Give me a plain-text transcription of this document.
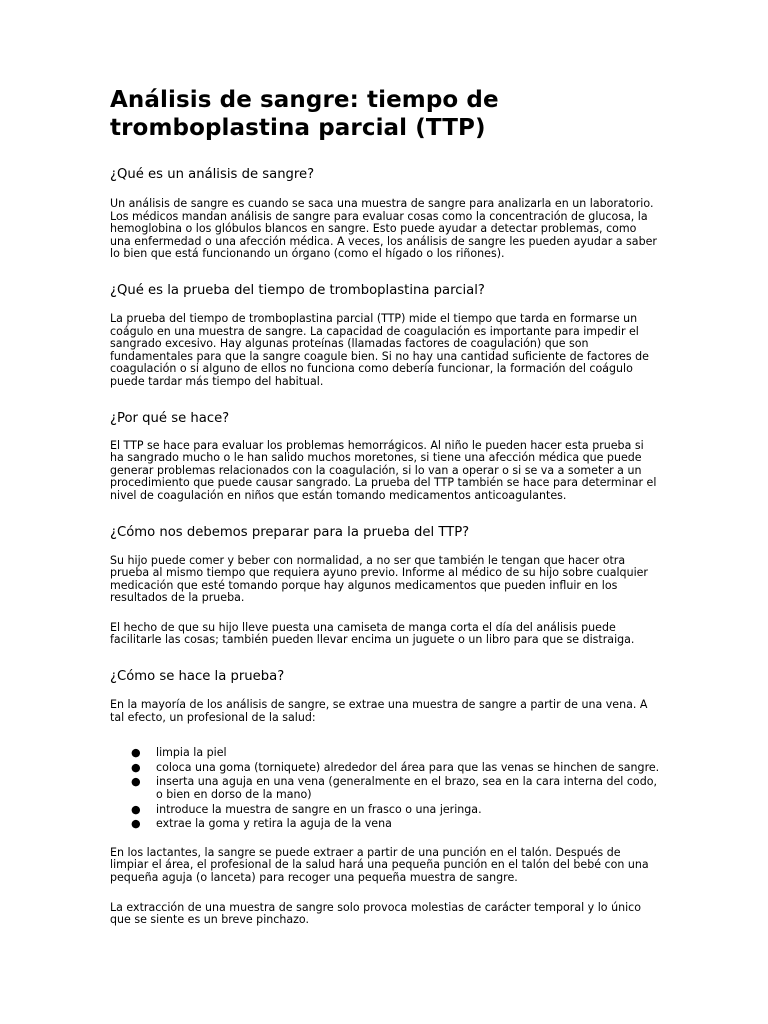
Análisis de sangre: tiempo de tromboplastina parcial (TTP)
¿Qué es un análisis de sangre?

Un análisis de sangre es cuando se saca una muestra de sangre para analizarla en un laboratorio. Los médicos mandan análisis de sangre para evaluar cosas como la concentración de glucosa, la hemoglobina o los glóbulos blancos en sangre. Esto puede ayudar a detectar problemas, como una enfermedad o una afección médica. A veces, los análisis de sangre les pueden ayudar a saber lo bien que está funcionando un órgano (como el hígado o los riñones).

¿Qué es la prueba del tiempo de tromboplastina parcial?

La prueba del tiempo de tromboplastina parcial (TTP) mide el tiempo que tarda en formarse un coágulo en una muestra de sangre. La capacidad de coagulación es importante para impedir el sangrado excesivo. Hay algunas proteínas (llamadas factores de coagulación) que son fundamentales para que la sangre coagule bien. Si no hay una cantidad suficiente de factores de coagulación o si alguno de ellos no funciona como debería funcionar, la formación del coágulo puede tardar más tiempo del habitual.

¿Por qué se hace?

El TTP se hace para evaluar los problemas hemorrágicos. Al niño le pueden hacer esta prueba si ha sangrado mucho o le han salido muchos moretones, si tiene una afección médica que puede generar problemas relacionados con la coagulación, si lo van a operar o si se va a someter a un procedimiento que puede causar sangrado. La prueba del TTP también se hace para determinar el nivel de coagulación en niños que están tomando medicamentos anticoagulantes.

¿Cómo nos debemos preparar para la prueba del TTP?

Su hijo puede comer y beber con normalidad, a no ser que también le tengan que hacer otra prueba al mismo tiempo que requiera ayuno previo. Informe al médico de su hijo sobre cualquier medicación que esté tomando porque hay algunos medicamentos que pueden influir en los resultados de la prueba.

El hecho de que su hijo lleve puesta una camiseta de manga corta el día del análisis puede facilitarle las cosas; también pueden llevar encima un juguete o un libro para que se distraiga.

¿Cómo se hace la prueba?

En la mayoría de los análisis de sangre, se extrae una muestra de sangre a partir de una vena. A tal efecto, un profesional de la salud:

● limpia la piel
● coloca una goma (torniquete) alrededor del área para que las venas se hinchen de sangre.
● inserta una aguja en una vena (generalmente en el brazo, sea en la cara interna del codo, o bien en dorso de la mano)
● introduce la muestra de sangre en un frasco o una jeringa.
● extrae la goma y retira la aguja de la vena

En los lactantes, la sangre se puede extraer a partir de una punción en el talón. Después de limpiar el área, el profesional de la salud hará una pequeña punción en el talón del bebé con una pequeña aguja (o lanceta) para recoger una pequeña muestra de sangre.

La extracción de una muestra de sangre solo provoca molestias de carácter temporal y lo único que se siente es un breve pinchazo.
